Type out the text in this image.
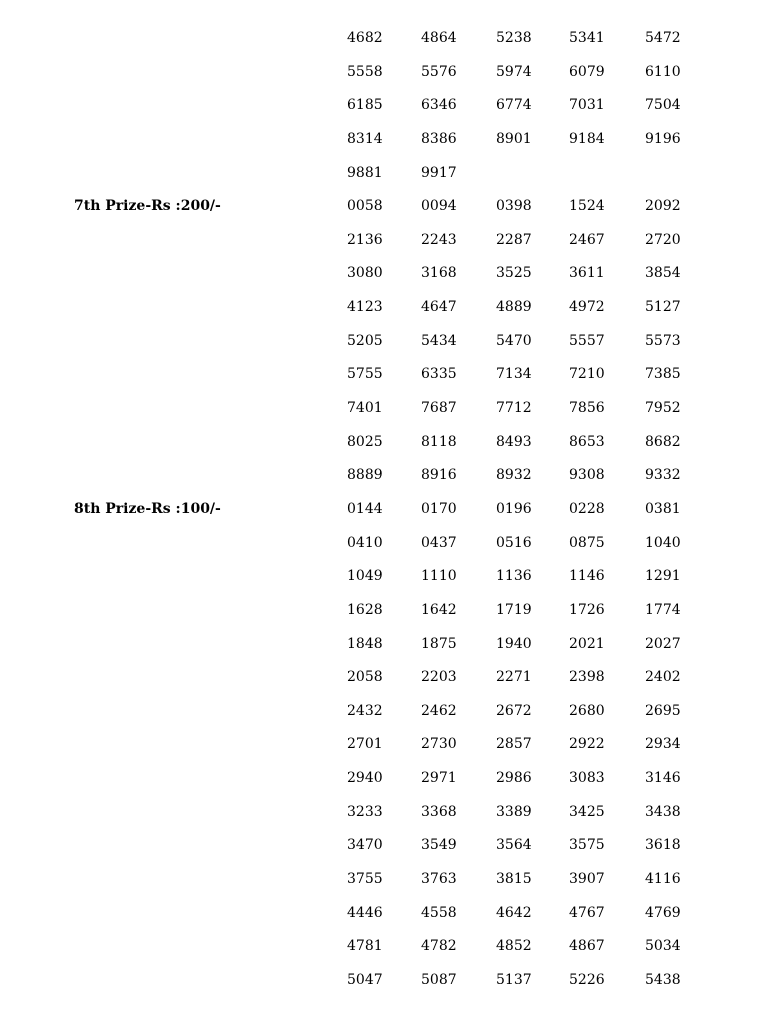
4682	4864	5238	5341	5472
5558	5576	5974	6079	6110
6185	6346	6774	7031	7504
8314	8386	8901	9184	9196
9881	9917
7th Prize-Rs :200/-	0058	0094	0398	1524	2092
2136	2243	2287	2467	2720
3080	3168	3525	3611	3854
4123	4647	4889	4972	5127
5205	5434	5470	5557	5573
5755	6335	7134	7210	7385
7401	7687	7712	7856	7952
8025	8118	8493	8653	8682
8889	8916	8932	9308	9332
8th Prize-Rs :100/-	0144	0170	0196	0228	0381
0410	0437	0516	0875	1040
1049	1110	1136	1146	1291
1628	1642	1719	1726	1774
1848	1875	1940	2021	2027
2058	2203	2271	2398	2402
2432	2462	2672	2680	2695
2701	2730	2857	2922	2934
2940	2971	2986	3083	3146
3233	3368	3389	3425	3438
3470	3549	3564	3575	3618
3755	3763	3815	3907	4116
4446	4558	4642	4767	4769
4781	4782	4852	4867	5034
5047	5087	5137	5226	5438
